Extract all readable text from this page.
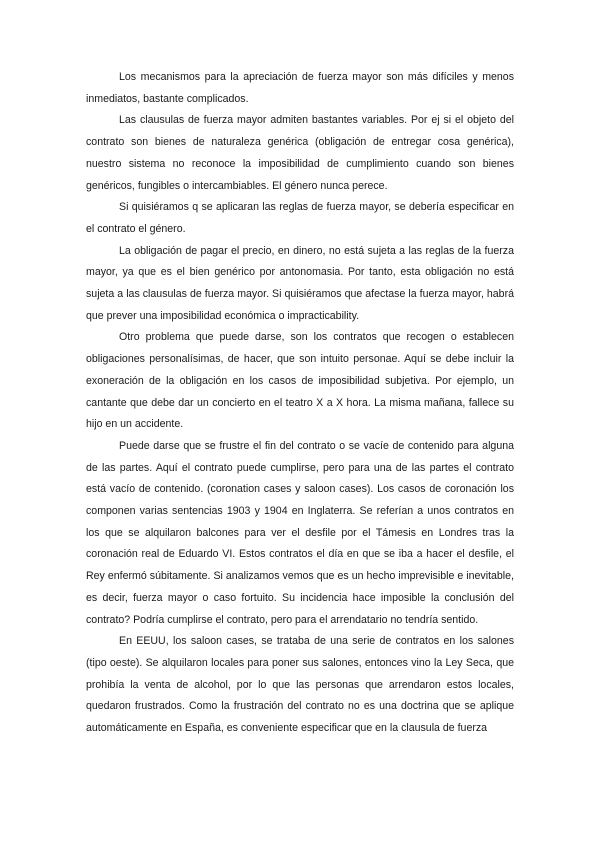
Los mecanismos para la apreciación de fuerza mayor son más difíciles y menos inmediatos, bastante complicados.

Las clausulas de fuerza mayor admiten bastantes variables. Por ej si el objeto del contrato son bienes de naturaleza genérica (obligación de entregar cosa genérica), nuestro sistema no reconoce la imposibilidad de cumplimiento cuando son bienes genéricos, fungibles o intercambiables. El género nunca perece.

Si quisiéramos q se aplicaran las reglas de fuerza mayor, se debería especificar en el contrato el género.

La obligación de pagar el precio, en dinero, no está sujeta a las reglas de la fuerza mayor, ya que es el bien genérico por antonomasia. Por tanto, esta obligación no está sujeta a las clausulas de fuerza mayor. Si quisiéramos que afectase la fuerza mayor, habrá que prever una imposibilidad económica o impracticability.

Otro problema que puede darse, son los contratos que recogen o establecen obligaciones personalísimas, de hacer, que son intuito personae. Aquí se debe incluir la exoneración de la obligación en los casos de imposibilidad subjetiva. Por ejemplo, un cantante que debe dar un concierto en el teatro X a X hora. La misma mañana, fallece su hijo en un accidente.

Puede darse que se frustre el fin del contrato o se vacíe de contenido para alguna de las partes. Aquí el contrato puede cumplirse, pero para una de las partes el contrato está vacío de contenido. (coronation cases y saloon cases). Los casos de coronación los componen varias sentencias 1903 y 1904 en Inglaterra. Se referían a unos contratos en los que se alquilaron balcones para ver el desfile por el Támesis en Londres tras la coronación real de Eduardo VI. Estos contratos el día en que se iba a hacer el desfile, el Rey enfermó súbitamente. Si analizamos vemos que es un hecho imprevisible e inevitable, es decir, fuerza mayor o caso fortuito. Su incidencia hace imposible la conclusión del contrato? Podría cumplirse el contrato, pero para el arrendatario no tendría sentido.

En EEUU, los saloon cases, se trataba de una serie de contratos en los salones (tipo oeste). Se alquilaron locales para poner sus salones, entonces vino la Ley Seca, que prohibía la venta de alcohol, por lo que las personas que arrendaron estos locales, quedaron frustrados. Como la frustración del contrato no es una doctrina que se aplique automáticamente en España, es conveniente especificar que en la clausula de fuerza
